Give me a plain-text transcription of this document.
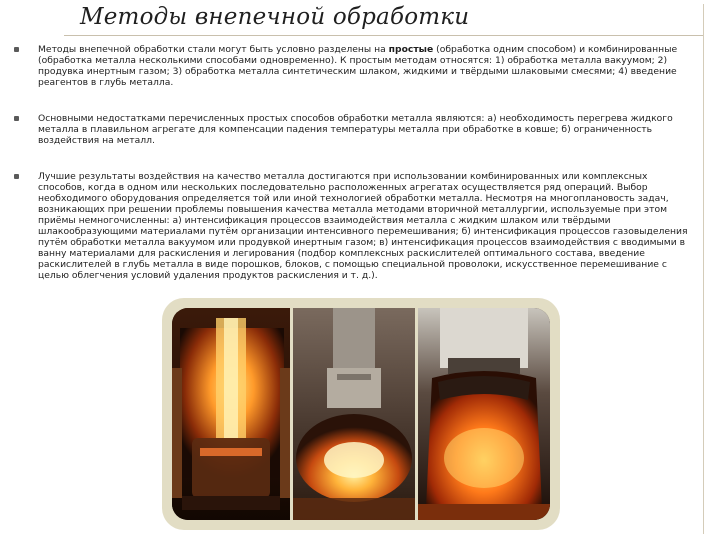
Методы внепечной обработки
Методы внепечной обработки стали могут быть условно разделены на простые (обработка одним способом) и комбинированные (обработка металла несколькими способами одновременно). К простым методам относятся: 1) обработка металла вакуумом; 2) продувка инертным газом; 3) обработка металла синтетическим шлаком, жидкими и твёрдыми шлаковыми смесями; 4) введение реагентов в глубь металла.
Основными недостатками перечисленных простых способов обработки металла являются: а) необходимость перегрева жидкого металла в плавильном агрегате для компенсации падения температуры металла при обработке в ковше; б) ограниченность воздействия на металл.
Лучшие результаты воздействия на качество металла достигаются при использовании комбинированных или комплексных способов, когда в одном или нескольких последовательно расположенных агрегатах осуществляется ряд операций. Выбор необходимого оборудования определяется той или иной технологией обработки металла. Несмотря на многоплановость задач, возникающих при решении проблемы повышения качества металла методами вторичной металлургии, используемые при этом приёмы немногочисленны: а) интенсификация процессов взаимодействия металла с жидким шлаком или твёрдыми шлакообразующими материалами путём организации интенсивного перемешивания; б) интенсификация процессов газовыделения путём обработки металла вакуумом или продувкой инертным газом; в) интенсификация процессов взаимодействия с вводимыми в ванну материалами для раскисления и легирования (подбор комплексных раскислителей оптимального состава, введение раскислителей в глубь металла в виде порошков, блоков, с помощью специальной проволоки, искусственное перемешивание с целью облегчения условий удаления продуктов раскисления и т. д.).
